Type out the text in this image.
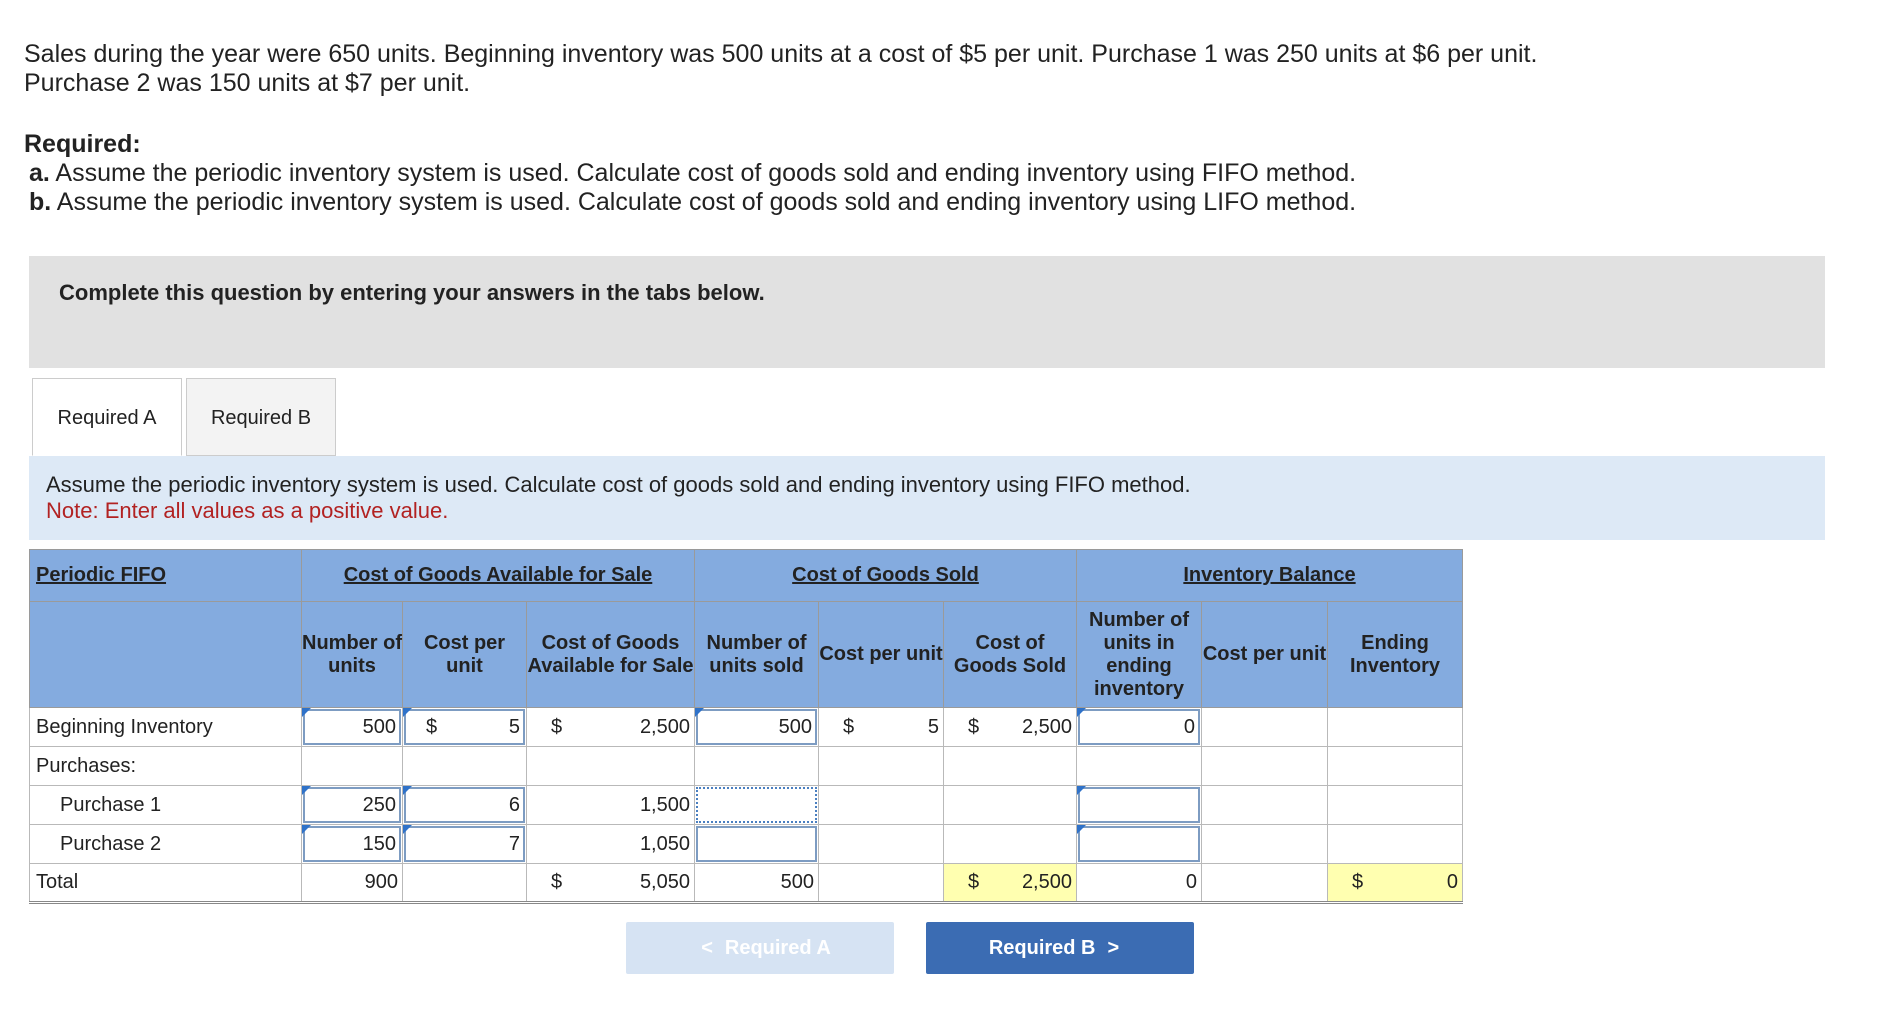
Sales during the year were 650 units. Beginning inventory was 500 units at a cost of $5 per unit. Purchase 1 was 250 units at $6 per unit. Purchase 2 was 150 units at $7 per unit.
Required:
a. Assume the periodic inventory system is used. Calculate cost of goods sold and ending inventory using FIFO method.
b. Assume the periodic inventory system is used. Calculate cost of goods sold and ending inventory using LIFO method.
Complete this question by entering your answers in the tabs below.
Required A	Required B
Assume the periodic inventory system is used. Calculate cost of goods sold and ending inventory using FIFO method.
Note: Enter all values as a positive value.
Periodic FIFO	Cost of Goods Available for Sale			Cost of Goods Sold			Inventory Balance		
	Number of units	Cost per unit	Cost of Goods Available for Sale	Number of units sold	Cost per unit	Cost of Goods Sold	Number of units in ending inventory	Cost per unit	Ending Inventory
Beginning Inventory	500	$ 5	$ 2,500	500	$ 5	$ 2,500	0		

Purchases:									
Purchase 1	250	6	1,500	

Purchase 2	150	7	1,050	

Total	900		$ 5,050	500		$ 2,500	0		$ 0
< Required A	Required B >
